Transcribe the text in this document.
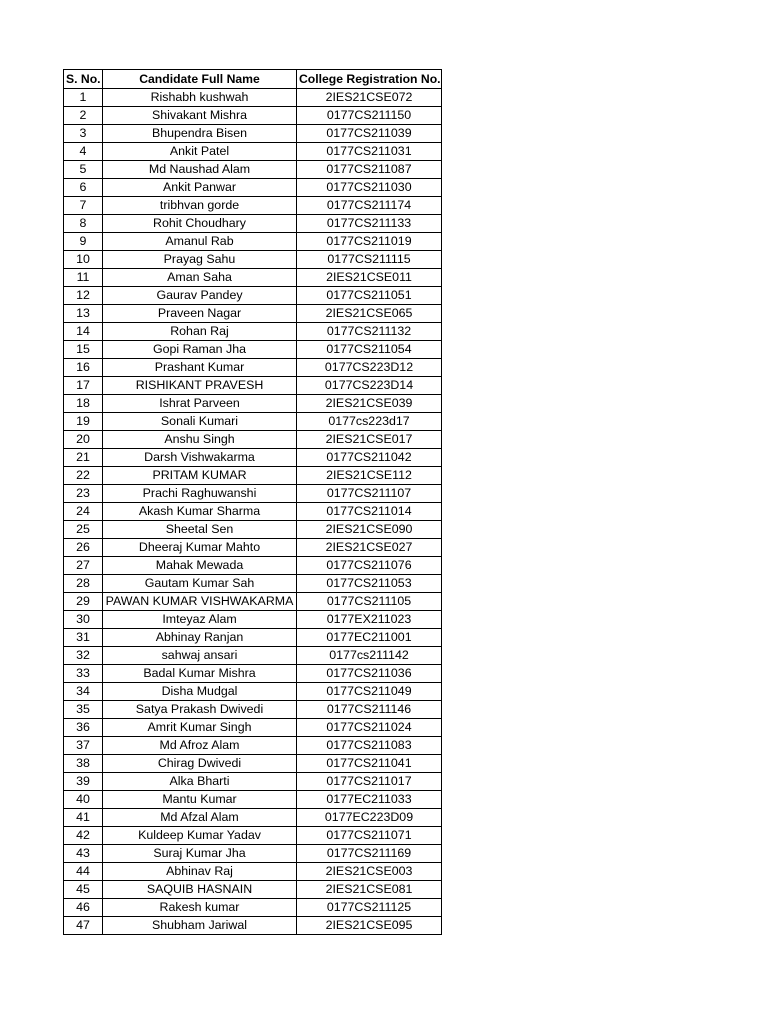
S. No.	Candidate Full Name	College Registration No.
1	Rishabh kushwah	2IES21CSE072
2	Shivakant Mishra	0177CS211150
3	Bhupendra Bisen	0177CS211039
4	Ankit Patel	0177CS211031
5	Md Naushad Alam	0177CS211087
6	Ankit Panwar	0177CS211030
7	tribhvan gorde	0177CS211174
8	Rohit Choudhary	0177CS211133
9	Amanul Rab	0177CS211019
10	Prayag Sahu	0177CS211115
11	Aman Saha	2IES21CSE011
12	Gaurav Pandey	0177CS211051
13	Praveen Nagar	2IES21CSE065
14	Rohan Raj	0177CS211132
15	Gopi Raman Jha	0177CS211054
16	Prashant Kumar	0177CS223D12
17	RISHIKANT PRAVESH	0177CS223D14
18	Ishrat Parveen	2IES21CSE039
19	Sonali Kumari	0177cs223d17
20	Anshu Singh	2IES21CSE017
21	Darsh Vishwakarma	0177CS211042
22	PRITAM KUMAR	2IES21CSE112
23	Prachi Raghuwanshi	0177CS211107
24	Akash Kumar Sharma	0177CS211014
25	Sheetal Sen	2IES21CSE090
26	Dheeraj Kumar Mahto	2IES21CSE027
27	Mahak Mewada	0177CS211076
28	Gautam Kumar Sah	0177CS211053
29	PAWAN KUMAR VISHWAKARMA	0177CS211105
30	Imteyaz Alam	0177EX211023
31	Abhinay Ranjan	0177EC211001
32	sahwaj ansari	0177cs211142
33	Badal Kumar Mishra	0177CS211036
34	Disha Mudgal	0177CS211049
35	Satya Prakash Dwivedi	0177CS211146
36	Amrit Kumar Singh	0177CS211024
37	Md Afroz Alam	0177CS211083
38	Chirag Dwivedi	0177CS211041
39	Alka Bharti	0177CS211017
40	Mantu Kumar	0177EC211033
41	Md Afzal Alam	0177EC223D09
42	Kuldeep Kumar Yadav	0177CS211071
43	Suraj Kumar Jha	0177CS211169
44	Abhinav Raj	2IES21CSE003
45	SAQUIB HASNAIN	2IES21CSE081
46	Rakesh kumar	0177CS211125
47	Shubham Jariwal	2IES21CSE095
